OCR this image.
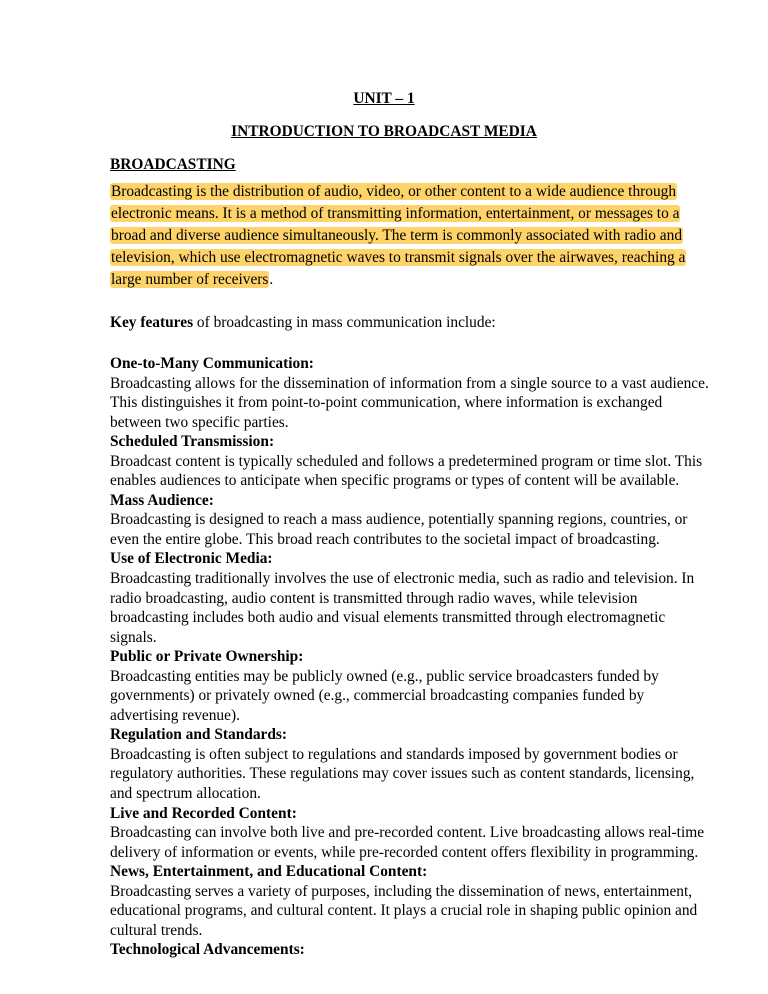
UNIT – 1
INTRODUCTION TO BROADCAST MEDIA
BROADCASTING
Broadcasting is the distribution of audio, video, or other content to a wide audience through
electronic means. It is a method of transmitting information, entertainment, or messages to a
broad and diverse audience simultaneously. The term is commonly associated with radio and
television, which use electromagnetic waves to transmit signals over the airwaves, reaching a
large number of receivers.
Key features of broadcasting in mass communication include:
One-to-Many Communication:
Broadcasting allows for the dissemination of information from a single source to a vast audience.
This distinguishes it from point-to-point communication, where information is exchanged
between two specific parties.
Scheduled Transmission:
Broadcast content is typically scheduled and follows a predetermined program or time slot. This
enables audiences to anticipate when specific programs or types of content will be available.
Mass Audience:
Broadcasting is designed to reach a mass audience, potentially spanning regions, countries, or
even the entire globe. This broad reach contributes to the societal impact of broadcasting.
Use of Electronic Media:
Broadcasting traditionally involves the use of electronic media, such as radio and television. In
radio broadcasting, audio content is transmitted through radio waves, while television
broadcasting includes both audio and visual elements transmitted through electromagnetic
signals.
Public or Private Ownership:
Broadcasting entities may be publicly owned (e.g., public service broadcasters funded by
governments) or privately owned (e.g., commercial broadcasting companies funded by
advertising revenue).
Regulation and Standards:
Broadcasting is often subject to regulations and standards imposed by government bodies or
regulatory authorities. These regulations may cover issues such as content standards, licensing,
and spectrum allocation.
Live and Recorded Content:
Broadcasting can involve both live and pre-recorded content. Live broadcasting allows real-time
delivery of information or events, while pre-recorded content offers flexibility in programming.
News, Entertainment, and Educational Content:
Broadcasting serves a variety of purposes, including the dissemination of news, entertainment,
educational programs, and cultural content. It plays a crucial role in shaping public opinion and
cultural trends.
Technological Advancements:
